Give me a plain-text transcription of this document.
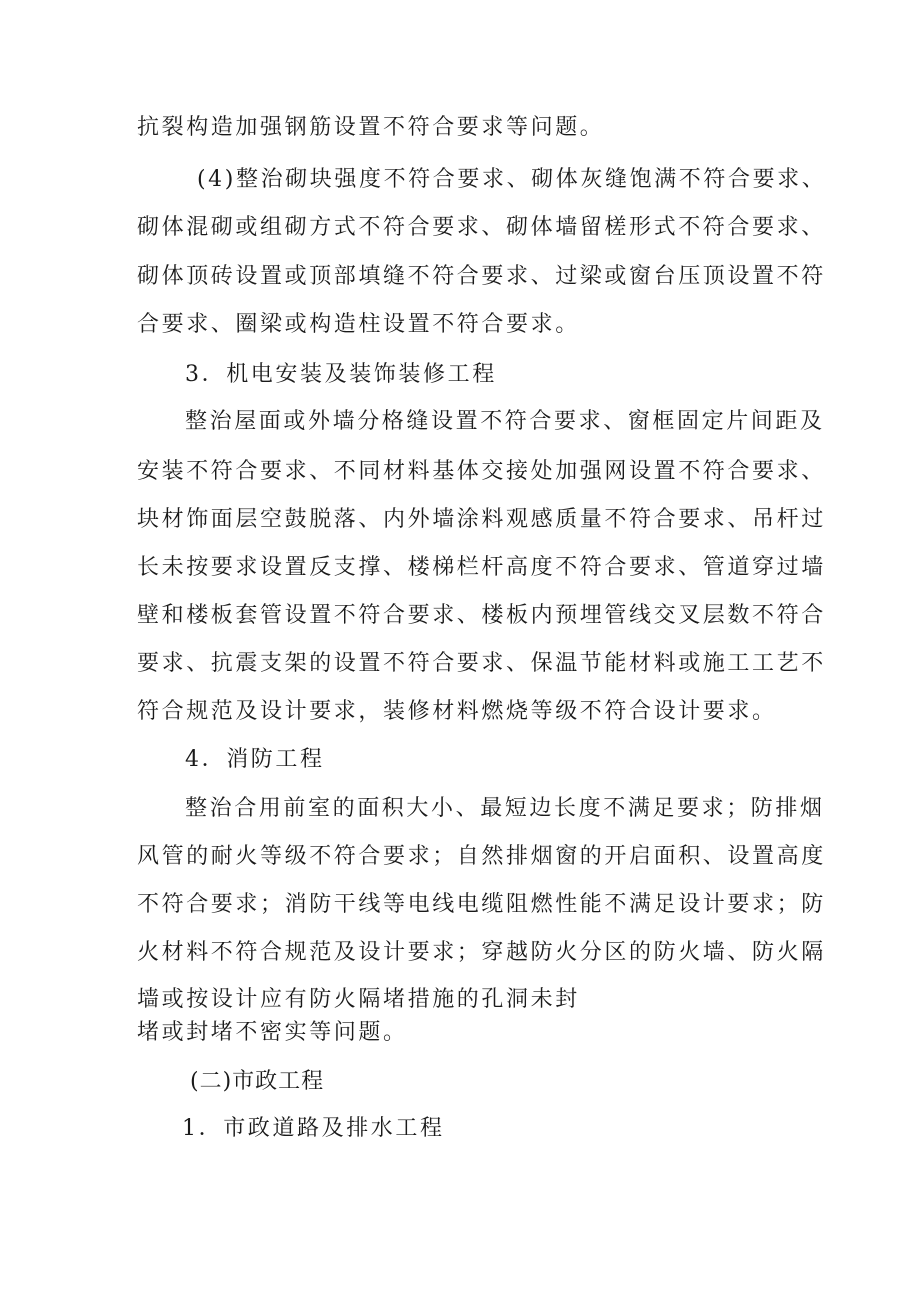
抗裂构造加强钢筋设置不符合要求等问题。
(4)整治砌块强度不符合要求、砌体灰缝饱满不符合要求、
砌体混砌或组砌方式不符合要求、砌体墙留槎形式不符合要求、
砌体顶砖设置或顶部填缝不符合要求、过梁或窗台压顶设置不符
合要求、圈梁或构造柱设置不符合要求。
3．机电安装及装饰装修工程
整治屋面或外墙分格缝设置不符合要求、窗框固定片间距及
安装不符合要求、不同材料基体交接处加强网设置不符合要求、
块材饰面层空鼓脱落、内外墙涂料观感质量不符合要求、吊杆过
长未按要求设置反支撑、楼梯栏杆高度不符合要求、管道穿过墙
壁和楼板套管设置不符合要求、楼板内预埋管线交叉层数不符合
要求、抗震支架的设置不符合要求、保温节能材料或施工工艺不
符合规范及设计要求，装修材料燃烧等级不符合设计要求。
4．消防工程
整治合用前室的面积大小、最短边长度不满足要求；防排烟
风管的耐火等级不符合要求；自然排烟窗的开启面积、设置高度
不符合要求；消防干线等电线电缆阻燃性能不满足设计要求；防
火材料不符合规范及设计要求；穿越防火分区的防火墙、防火隔
墙或按设计应有防火隔堵措施的孔洞未封
堵或封堵不密实等问题。
(二)市政工程
1．市政道路及排水工程
